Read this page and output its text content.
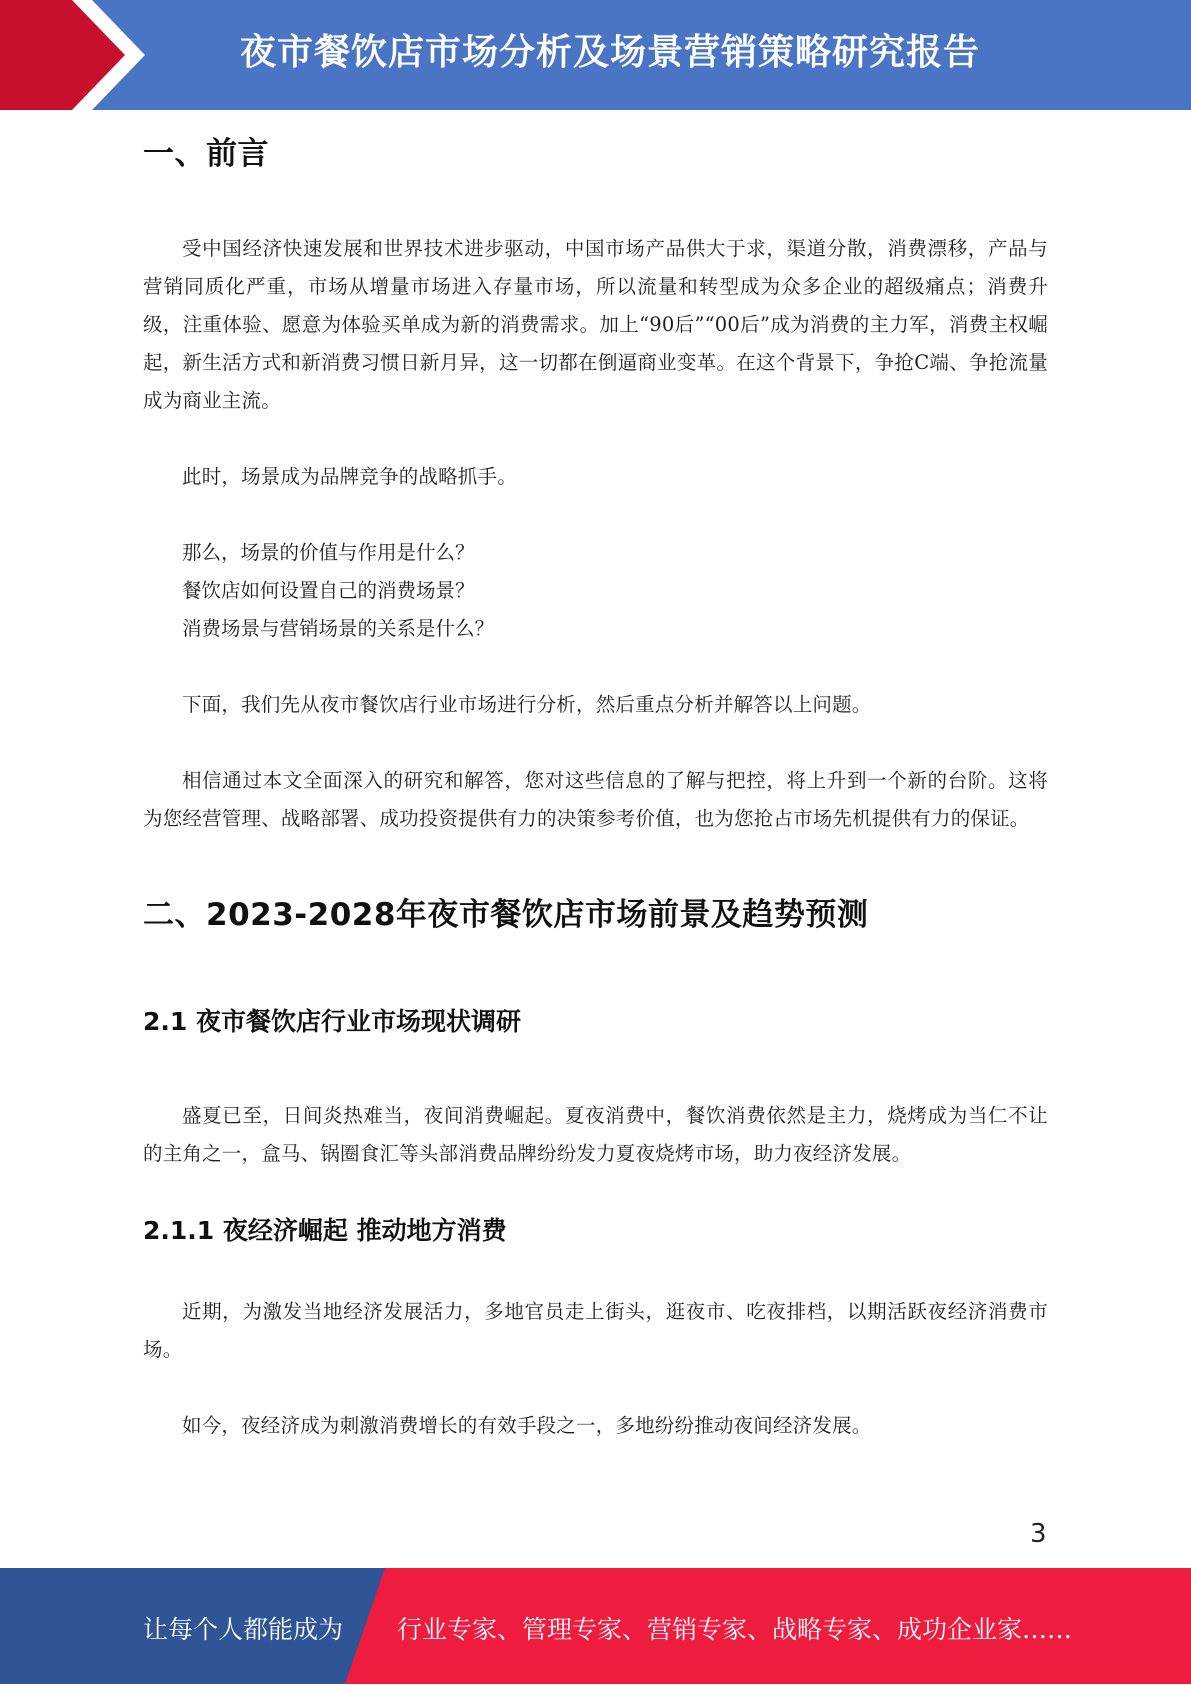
夜市餐饮店市场分析及场景营销策略研究报告
一、前言

受中国经济快速发展和世界技术进步驱动，中国市场产品供大于求，渠道分散，消费漂移，产品与营销同质化严重，市场从增量市场进入存量市场，所以流量和转型成为众多企业的超级痛点；消费升级，注重体验、愿意为体验买单成为新的消费需求。加上“90后”“00后”成为消费的主力军，消费主权崛起，新生活方式和新消费习惯日新月异，这一切都在倒逼商业变革。在这个背景下，争抢C端、争抢流量成为商业主流。

此时，场景成为品牌竞争的战略抓手。

那么，场景的价值与作用是什么？

餐饮店如何设置自己的消费场景？

消费场景与营销场景的关系是什么？

下面，我们先从夜市餐饮店行业市场进行分析，然后重点分析并解答以上问题。

相信通过本文全面深入的研究和解答，您对这些信息的了解与把控，将上升到一个新的台阶。这将为您经营管理、战略部署、成功投资提供有力的决策参考价值，也为您抢占市场先机提供有力的保证。

二、2023-2028年夜市餐饮店市场前景及趋势预测
2.1 夜市餐饮店行业市场现状调研

盛夏已至，日间炎热难当，夜间消费崛起。夏夜消费中，餐饮消费依然是主力，烧烤成为当仁不让的主角之一，盒马、锅圈食汇等头部消费品牌纷纷发力夏夜烧烤市场，助力夜经济发展。

2.1.1 夜经济崛起 推动地方消费

近期，为激发当地经济发展活力，多地官员走上街头，逛夜市、吃夜排档，以期活跃夜经济消费市场。

如今，夜经济成为刺激消费增长的有效手段之一，多地纷纷推动夜间经济发展。

3
让每个人都能成为 行业专家、管理专家、营销专家、战略专家、成功企业家……
